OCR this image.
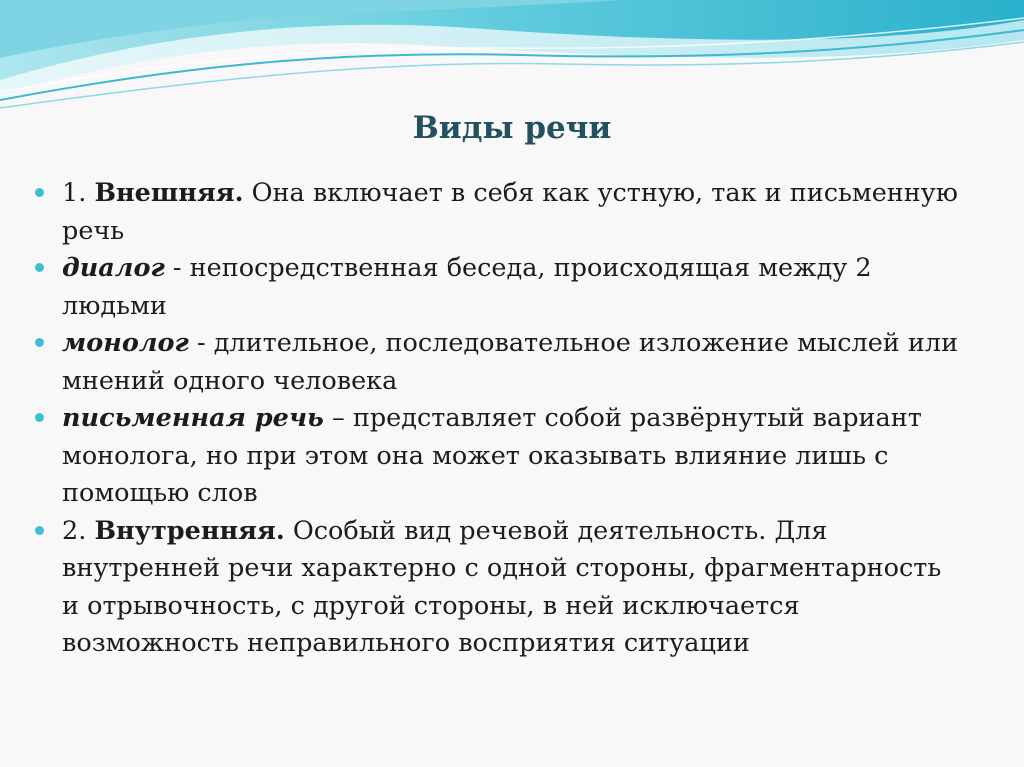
Виды речи

1. Внешняя. Она включает в себя как устную, так и письменную речь

диалог - непосредственная беседа, происходящая между 2 людьми

монолог - длительное, последовательное изложение мыслей или мнений одного человека

письменная речь – представляет собой развёрнутый вариант монолога, но при этом она может оказывать влияние лишь с помощью слов

2. Внутренняя. Особый вид речевой деятельность. Для внутренней речи характерно с одной стороны, фрагментарность и отрывочность, с другой стороны, в ней исключается возможность неправильного восприятия ситуации
